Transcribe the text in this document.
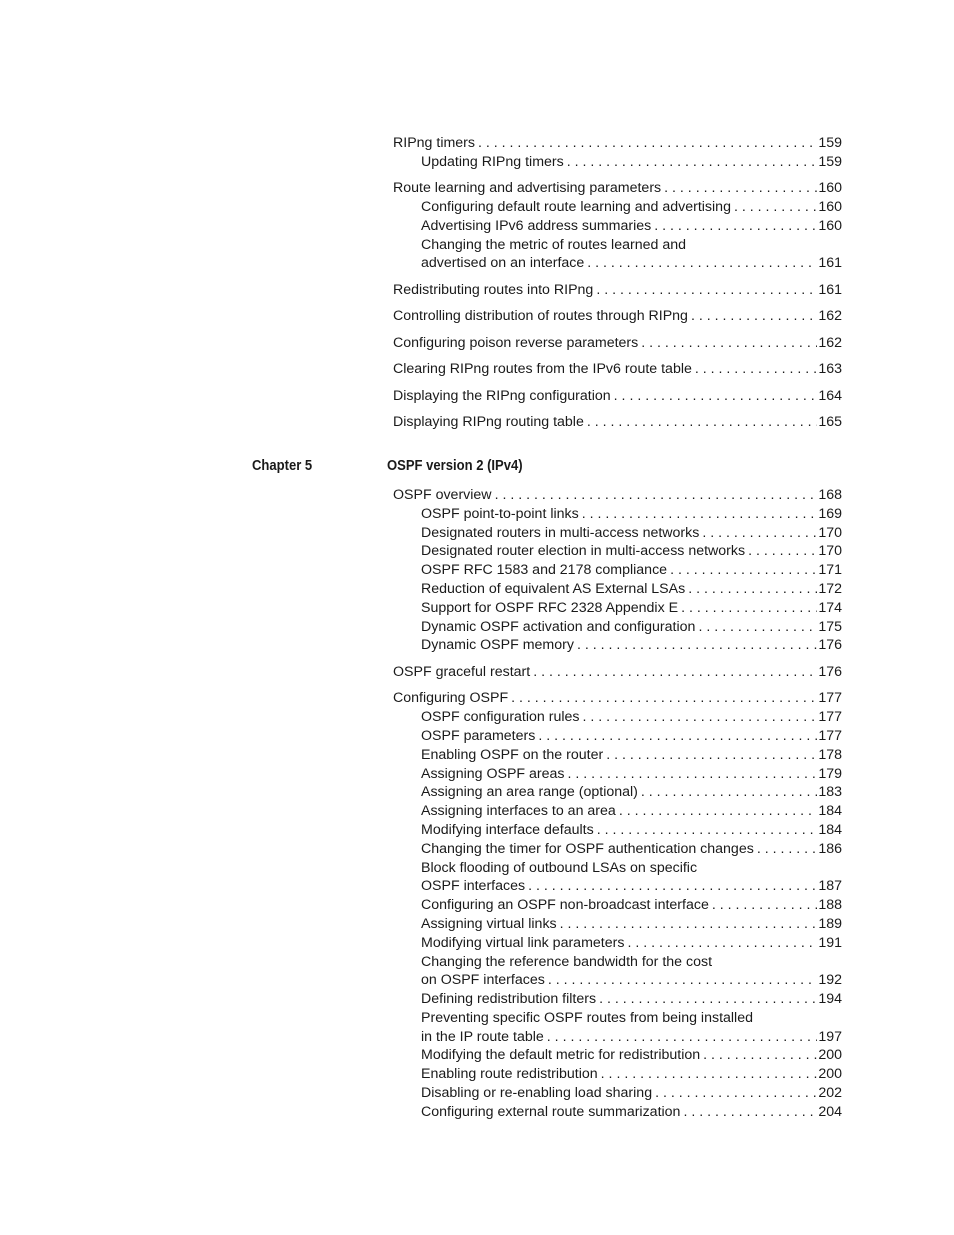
RIPng timers . . .	159
Updating RIPng timers . . .	159
Route learning and advertising parameters . . .	160
Configuring default route learning and advertising . . .	160
Advertising IPv6 address summaries . . .	160
Changing the metric of routes learned and
advertised on an interface . . .	161
Redistributing routes into RIPng . . .	161
Controlling distribution of routes through RIPng . . .	162
Configuring poison reverse parameters . . .	162
Clearing RIPng routes from the IPv6 route table . . .	163
Displaying the RIPng configuration . . .	164
Displaying RIPng routing table . . .	165
Chapter 5	OSPF version 2 (IPv4)
OSPF overview . . .	168
OSPF point-to-point links . . .	169
Designated routers in multi-access networks . . .	170
Designated router election in multi-access networks . . .	170
OSPF RFC 1583 and 2178 compliance . . .	171
Reduction of equivalent AS External LSAs . . .	172
Support for OSPF RFC 2328 Appendix E . . .	174
Dynamic OSPF activation and configuration . . .	175
Dynamic OSPF memory . . .	176
OSPF graceful restart . . .	176
Configuring OSPF . . .	177
OSPF configuration rules . . .	177
OSPF parameters . . .	177
Enabling OSPF on the router . . .	178
Assigning OSPF areas . . .	179
Assigning an area range (optional) . . .	183
Assigning interfaces to an area . . .	184
Modifying interface defaults . . .	184
Changing the timer for OSPF authentication changes . . .	186
Block flooding of outbound LSAs on specific
OSPF interfaces . . .	187
Configuring an OSPF non-broadcast interface . . .	188
Assigning virtual links . . .	189
Modifying virtual link parameters . . .	191
Changing the reference bandwidth for the cost
on OSPF interfaces . . .	192
Defining redistribution filters . . .	194
Preventing specific OSPF routes from being installed
in the IP route table . . .	197
Modifying the default metric for redistribution . . .	200
Enabling route redistribution . . .	200
Disabling or re-enabling load sharing . . .	202
Configuring external route summarization . . .	204
